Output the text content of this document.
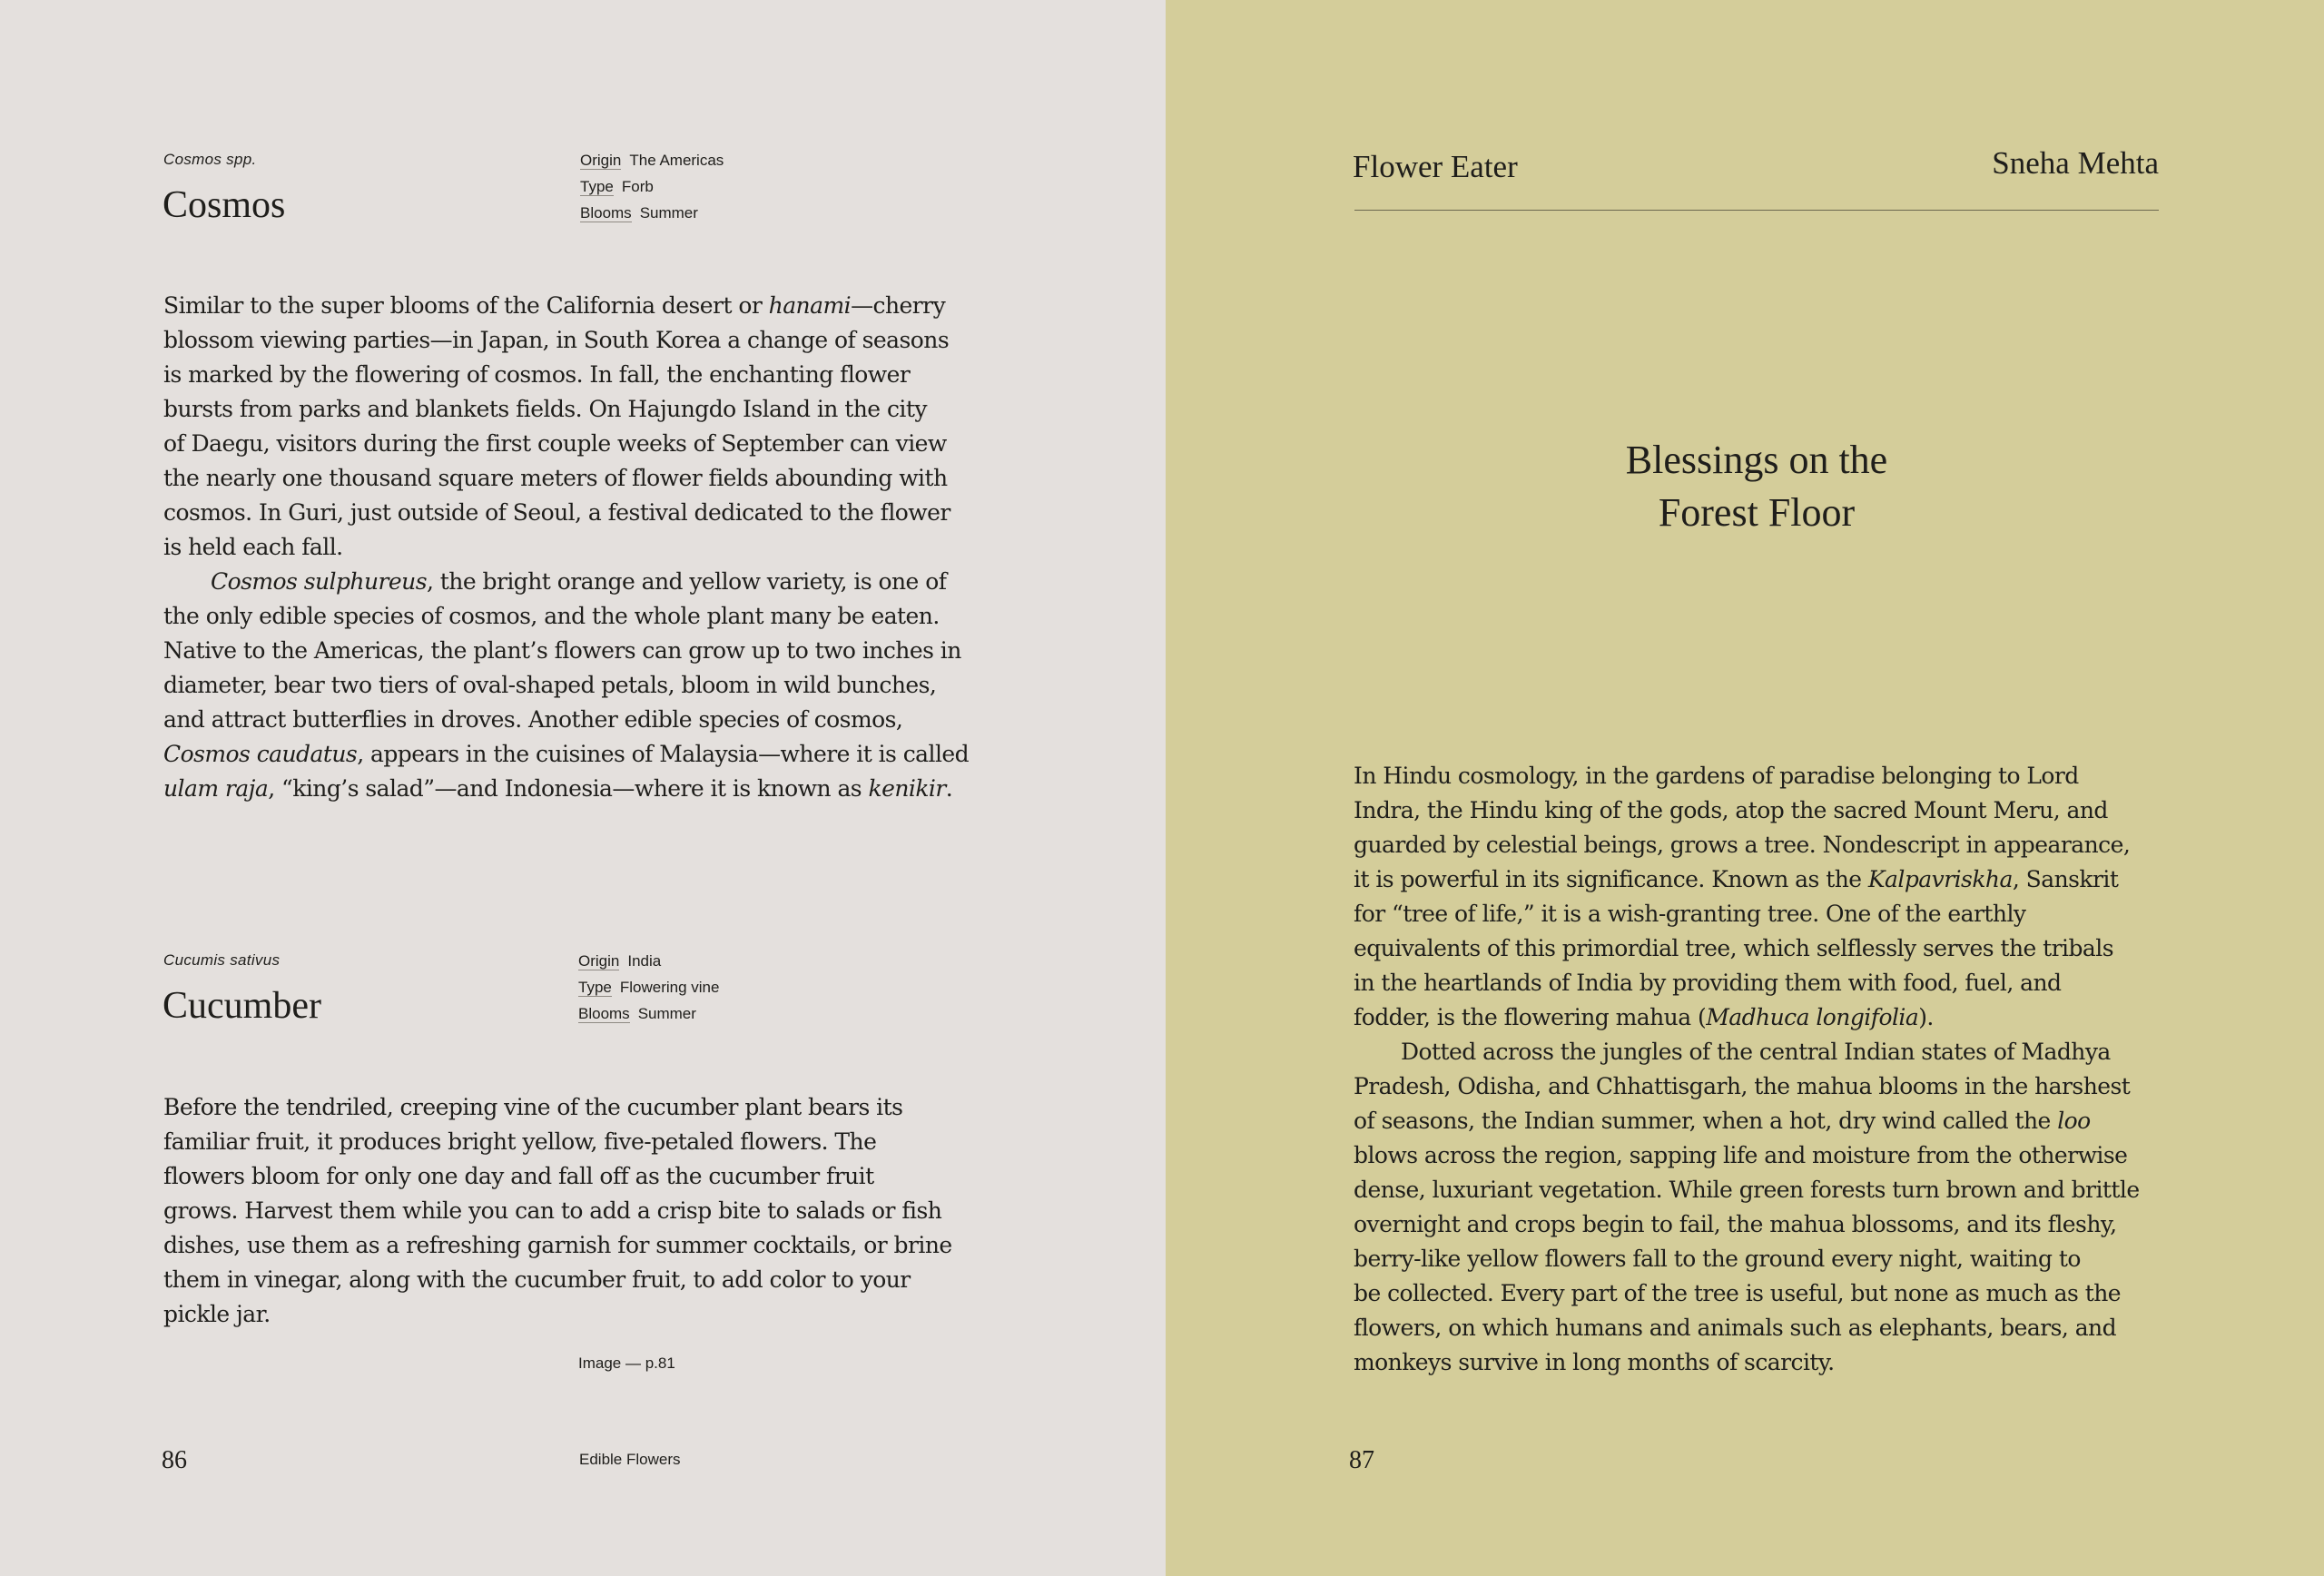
Cosmos spp.
Cosmos
Origin The Americas
Type Forb
Blooms Summer
Similar to the super blooms of the California desert or hanami—cherry
blossom viewing parties—in Japan, in South Korea a change of seasons
is marked by the flowering of cosmos. In fall, the enchanting flower
bursts from parks and blankets fields. On Hajungdo Island in the city
of Daegu, visitors during the first couple weeks of September can view
the nearly one thousand square meters of flower fields abounding with
cosmos. In Guri, just outside of Seoul, a festival dedicated to the flower
is held each fall.
Cosmos sulphureus, the bright orange and yellow variety, is one of
the only edible species of cosmos, and the whole plant many be eaten.
Native to the Americas, the plant’s flowers can grow up to two inches in
diameter, bear two tiers of oval-shaped petals, bloom in wild bunches,
and attract butterflies in droves. Another edible species of cosmos,
Cosmos caudatus, appears in the cuisines of Malaysia—where it is called
ulam raja, “king’s salad”—and Indonesia—where it is known as kenikir.
Cucumis sativus
Cucumber
Origin India
Type Flowering vine
Blooms Summer
Before the tendriled, creeping vine of the cucumber plant bears its
familiar fruit, it produces bright yellow, five-petaled flowers. The
flowers bloom for only one day and fall off as the cucumber fruit
grows. Harvest them while you can to add a crisp bite to salads or fish
dishes, use them as a refreshing garnish for summer cocktails, or brine
them in vinegar, along with the cucumber fruit, to add color to your
pickle jar.
Image — p.81
86	Edible Flowers
Flower Eater	Sneha Mehta
Blessings on the
Forest Floor
In Hindu cosmology, in the gardens of paradise belonging to Lord
Indra, the Hindu king of the gods, atop the sacred Mount Meru, and
guarded by celestial beings, grows a tree. Nondescript in appearance,
it is powerful in its significance. Known as the Kalpavriskha, Sanskrit
for “tree of life,” it is a wish-granting tree. One of the earthly
equivalents of this primordial tree, which selflessly serves the tribals
in the heartlands of India by providing them with food, fuel, and
fodder, is the flowering mahua (Madhuca longifolia).
Dotted across the jungles of the central Indian states of Madhya
Pradesh, Odisha, and Chhattisgarh, the mahua blooms in the harshest
of seasons, the Indian summer, when a hot, dry wind called the loo
blows across the region, sapping life and moisture from the otherwise
dense, luxuriant vegetation. While green forests turn brown and brittle
overnight and crops begin to fail, the mahua blossoms, and its fleshy,
berry-like yellow flowers fall to the ground every night, waiting to
be collected. Every part of the tree is useful, but none as much as the
flowers, on which humans and animals such as elephants, bears, and
monkeys survive in long months of scarcity.
87
